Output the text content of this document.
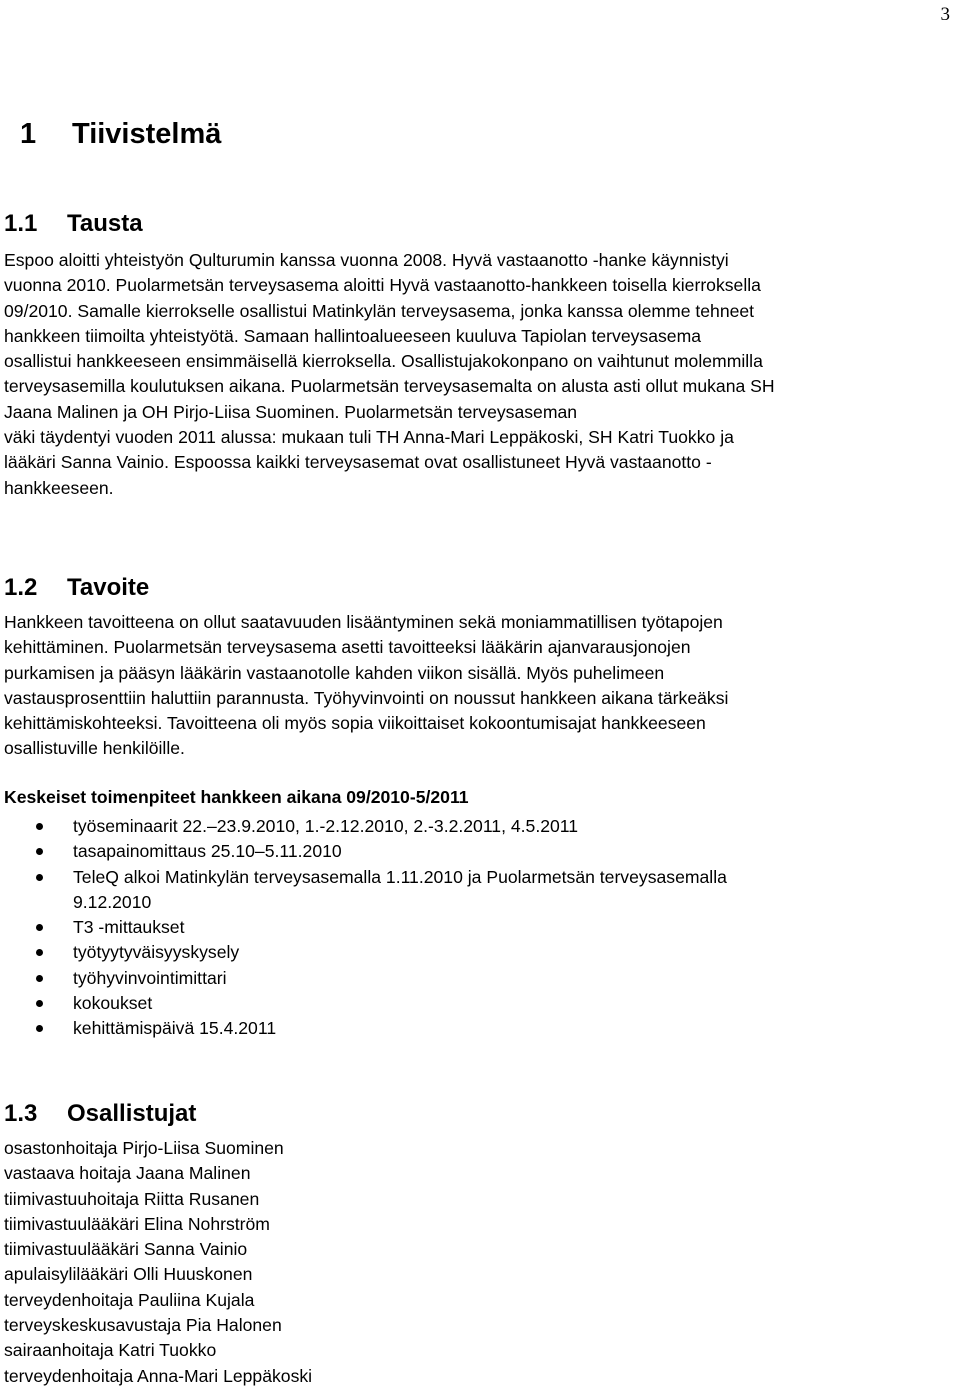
3
1 Tiivistelmä
1.1 Tausta
Espoo aloitti yhteistyön Qulturumin kanssa vuonna 2008. Hyvä vastaanotto -hanke käynnistyi
vuonna 2010. Puolarmetsän terveysasema aloitti Hyvä vastaanotto-hankkeen toisella kierroksella
09/2010. Samalle kierrokselle osallistui Matinkylän terveysasema, jonka kanssa olemme tehneet
hankkeen tiimoilta yhteistyötä. Samaan hallintoalueeseen kuuluva Tapiolan terveysasema
osallistui hankkeeseen ensimmäisellä kierroksella. Osallistujakokonpano on vaihtunut molemmilla
terveysasemilla koulutuksen aikana. Puolarmetsän terveysasemalta on alusta asti ollut mukana SH
Jaana Malinen ja OH Pirjo-Liisa Suominen. Puolarmetsän terveysaseman
väki täydentyi vuoden 2011 alussa: mukaan tuli TH Anna-Mari Leppäkoski, SH Katri Tuokko ja
lääkäri Sanna Vainio. Espoossa kaikki terveysasemat ovat osallistuneet Hyvä vastaanotto -
hankkeeseen.
1.2 Tavoite
Hankkeen tavoitteena on ollut saatavuuden lisääntyminen sekä moniammatillisen työtapojen
kehittäminen. Puolarmetsän terveysasema asetti tavoitteeksi lääkärin ajanvarausjonojen
purkamisen ja pääsyn lääkärin vastaanotolle kahden viikon sisällä. Myös puhelimeen
vastausprosenttiin haluttiin parannusta. Työhyvinvointi on noussut hankkeen aikana tärkeäksi
kehittämiskohteeksi. Tavoitteena oli myös sopia viikoittaiset kokoontumisajat hankkeeseen
osallistuville henkilöille.
Keskeiset toimenpiteet hankkeen aikana 09/2010-5/2011
työseminaarit 22.–23.9.2010, 1.-2.12.2010, 2.-3.2.2011, 4.5.2011
tasapainomittaus 25.10–5.11.2010
TeleQ alkoi Matinkylän terveysasemalla 1.11.2010 ja Puolarmetsän terveysasemalla
9.12.2010
T3 -mittaukset
työtyytyväisyyskysely
työhyvinvointimittari
kokoukset
kehittämispäivä 15.4.2011
1.3 Osallistujat
osastonhoitaja Pirjo-Liisa Suominen
vastaava hoitaja Jaana Malinen
tiimivastuuhoitaja Riitta Rusanen
tiimivastuulääkäri Elina Nohrström
tiimivastuulääkäri Sanna Vainio
apulaisylilääkäri Olli Huuskonen
terveydenhoitaja Pauliina Kujala
terveyskeskusavustaja Pia Halonen
sairaanhoitaja Katri Tuokko
terveydenhoitaja Anna-Mari Leppäkoski
